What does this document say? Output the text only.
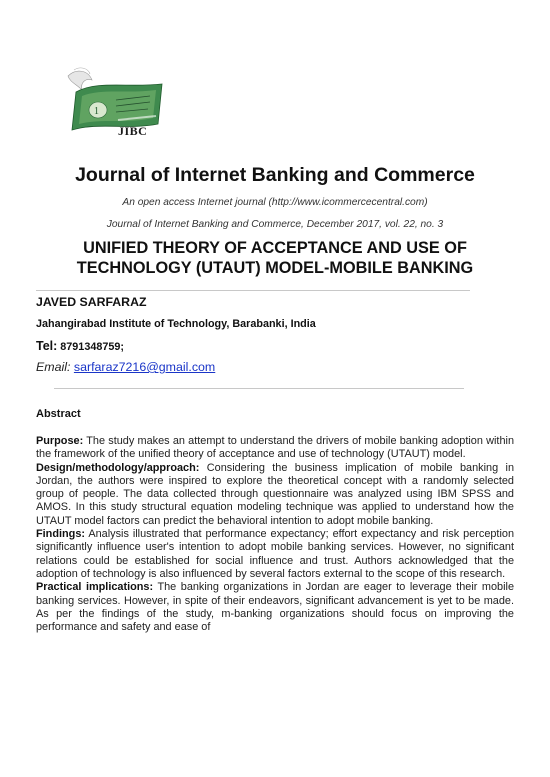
1
JIBC
Journal of Internet Banking and Commerce
An open access Internet journal (http://www.icommercecentral.com)
Journal of Internet Banking and Commerce, December 2017, vol. 22, no. 3
UNIFIED THEORY OF ACCEPTANCE AND USE OF
TECHNOLOGY (UTAUT) MODEL-MOBILE BANKING
JAVED SARFARAZ
Jahangirabad Institute of Technology, Barabanki, India
Tel: 8791348759;
Email: sarfaraz7216@gmail.com
Abstract

Purpose: The study makes an attempt to understand the drivers of mobile banking adoption within the framework of the unified theory of acceptance and use of technology (UTAUT) model.

Design/methodology/approach: Considering the business implication of mobile banking in Jordan, the authors were inspired to explore the theoretical concept with a randomly selected group of people. The data collected through questionnaire was analyzed using IBM SPSS and AMOS. In this study structural equation modeling technique was applied to understand how the UTAUT model factors can predict the behavioral intention to adopt mobile banking.

Findings: Analysis illustrated that performance expectancy; effort expectancy and risk perception significantly influence user's intention to adopt mobile banking services. However, no significant relations could be established for social influence and trust. Authors acknowledged that the adoption of technology is also influenced by several factors external to the scope of this research.

Practical implications: The banking organizations in Jordan are eager to leverage their mobile banking services. However, in spite of their endeavors, significant advancement is yet to be made. As per the findings of the study, m-banking organizations should focus on improving the performance and safety and ease of
